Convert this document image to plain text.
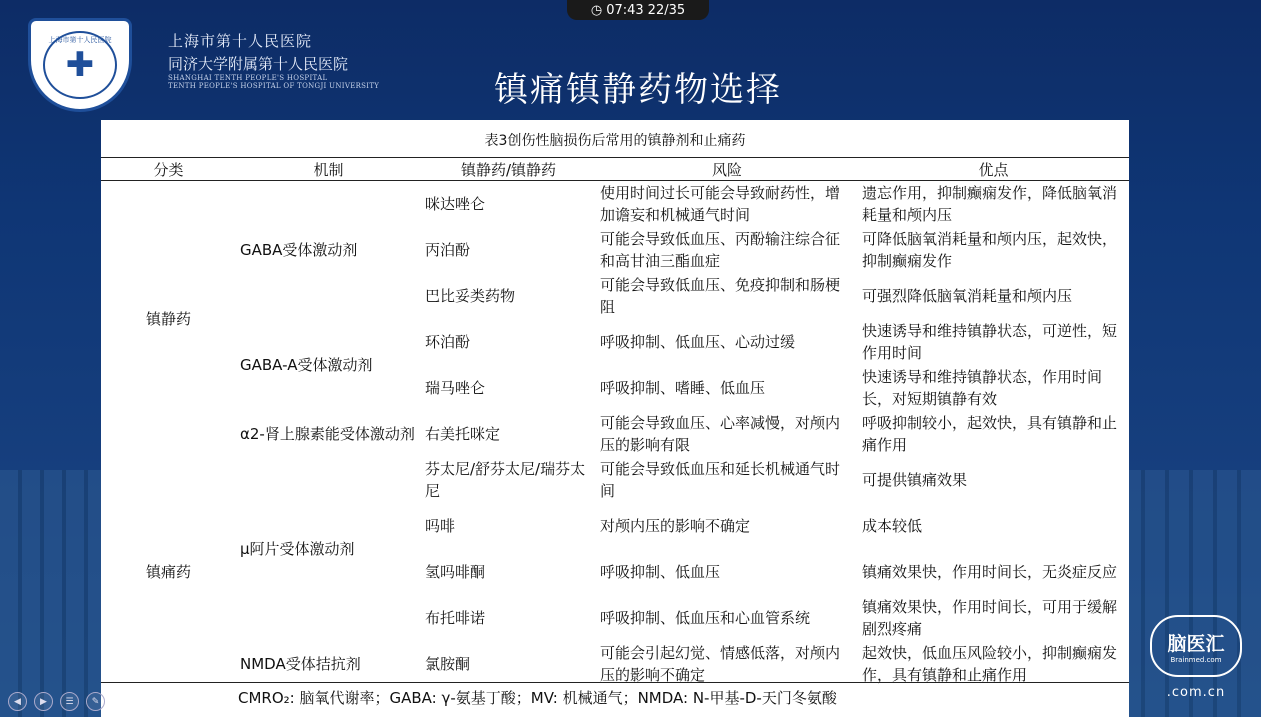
◷ 07:43 22/35
上海市第十人民医院
✚
上海市第十人民医院
同济大学附属第十人民医院
SHANGHAI TENTH PEOPLE'S HOSPITAL
TENTH PEOPLE'S HOSPITAL OF TONGJI UNIVERSITY	镇痛镇静药物选择
表3创伤性脑损伤后常用的镇静剂和止痛药
分类	机制	镇静药/镇静药	风险	优点
镇静药	GABA受体激动剂	咪达唑仑	使用时间过长可能会导致耐药性，增加谵妄和机械通气时间	遗忘作用，抑制癫痫发作，降低脑氧消耗量和颅内压
		丙泊酚	可能会导致低血压、丙酚输注综合征和高甘油三酯血症	可降低脑氧消耗量和颅内压，起效快，抑制癫痫发作
		巴比妥类药物	可能会导致低血压、免疫抑制和肠梗阻	可强烈降低脑氧消耗量和颅内压
	GABA-A受体激动剂	环泊酚	呼吸抑制、低血压、心动过缓	快速诱导和维持镇静状态，可逆性，短作用时间
		瑞马唑仑	呼吸抑制、嗜睡、低血压	快速诱导和维持镇静状态，作用时间长，对短期镇静有效
	α2-肾上腺素能受体激动剂	右美托咪定	可能会导致血压、心率减慢，对颅内压的影响有限	呼吸抑制较小，起效快，具有镇静和止痛作用
镇痛药	μ阿片受体激动剂	芬太尼/舒芬太尼/瑞芬太尼	可能会导致低血压和延长机械通气时间	可提供镇痛效果
		吗啡	对颅内压的影响不确定	成本较低
		氢吗啡酮	呼吸抑制、低血压	镇痛效果快，作用时间长，无炎症反应
		布托啡诺	呼吸抑制、低血压和心血管系统	镇痛效果快，作用时间长，可用于缓解剧烈疼痛
	NMDA受体拮抗剂	氯胺酮	可能会引起幻觉、情感低落，对颅内压的影响不确定	起效快，低血压风险较小，抑制癫痫发作，具有镇静和止痛作用
CMRO₂: 脑氧代谢率；GABA: γ-氨基丁酸；MV: 机械通气；NMDA: N-甲基-D-天门冬氨酸
◀	▶	☰	✎
脑医汇
Brainmed.com
.com.cn
